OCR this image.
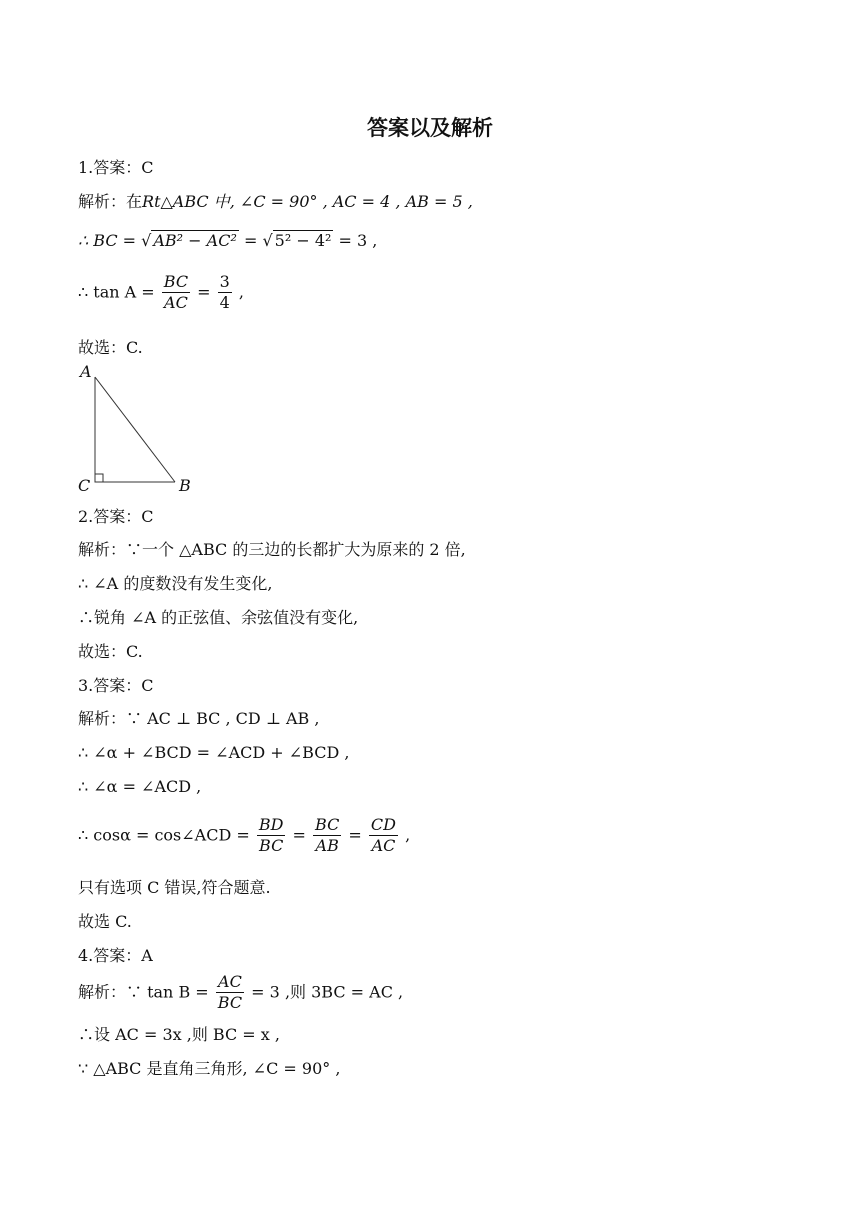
答案以及解析
1.答案：C
解析：在Rt△ABC 中, ∠C = 90° , AC = 4 , AB = 5 ,
∴ BC = √ AB² − AC² = √ 5² − 4² = 3 ,
∴ $\tan A = \frac{BC}{AC} = \frac{3}{4}$ ,
故选：C.
A
B
C
2.答案：C
解析：∵一个 △ABC 的三边的长都扩大为原来的 2 倍,
∴ ∠A 的度数没有发生变化,
∴锐角 ∠A 的正弦值、余弦值没有变化,
故选：C.
3.答案：C
解析：∵ AC ⊥ BC , CD ⊥ AB ,
∴ ∠α + ∠BCD = ∠ACD + ∠BCD ,
∴ ∠α = ∠ACD ,
∴ cosα = cos∠ACD = $\frac{BD}{BC} = \frac{BC}{AB} = \frac{CD}{AC}$ ,
只有选项 C 错误,符合题意.
故选 C.
4.答案：A
解析：∵ $\tan B = \frac{AC}{BC} = 3$ ,则 3BC = AC ,
∴设 AC = 3x ,则 BC = x ,
∵ △ABC 是直角三角形, ∠C = 90° ,
